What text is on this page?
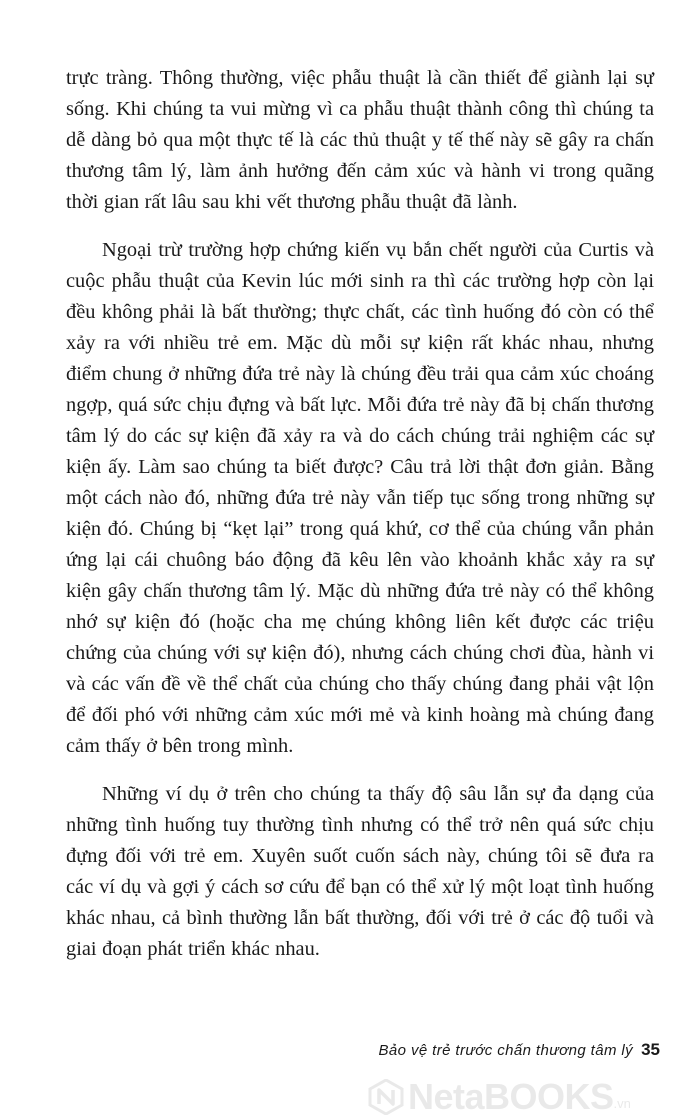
trực tràng. Thông thường, việc phẫu thuật là cần thiết để giành lại sự sống. Khi chúng ta vui mừng vì ca phẫu thuật thành công thì chúng ta dễ dàng bỏ qua một thực tế là các thủ thuật y tế thế này sẽ gây ra chấn thương tâm lý, làm ảnh hưởng đến cảm xúc và hành vi trong quãng thời gian rất lâu sau khi vết thương phẫu thuật đã lành.

Ngoại trừ trường hợp chứng kiến vụ bắn chết người của Curtis và cuộc phẫu thuật của Kevin lúc mới sinh ra thì các trường hợp còn lại đều không phải là bất thường; thực chất, các tình huống đó còn có thể xảy ra với nhiều trẻ em. Mặc dù mỗi sự kiện rất khác nhau, nhưng điểm chung ở những đứa trẻ này là chúng đều trải qua cảm xúc choáng ngợp, quá sức chịu đựng và bất lực. Mỗi đứa trẻ này đã bị chấn thương tâm lý do các sự kiện đã xảy ra và do cách chúng trải nghiệm các sự kiện ấy. Làm sao chúng ta biết được? Câu trả lời thật đơn giản. Bằng một cách nào đó, những đứa trẻ này vẫn tiếp tục sống trong những sự kiện đó. Chúng bị “kẹt lại” trong quá khứ, cơ thể của chúng vẫn phản ứng lại cái chuông báo động đã kêu lên vào khoảnh khắc xảy ra sự kiện gây chấn thương tâm lý. Mặc dù những đứa trẻ này có thể không nhớ sự kiện đó (hoặc cha mẹ chúng không liên kết được các triệu chứng của chúng với sự kiện đó), nhưng cách chúng chơi đùa, hành vi và các vấn đề về thể chất của chúng cho thấy chúng đang phải vật lộn để đối phó với những cảm xúc mới mẻ và kinh hoàng mà chúng đang cảm thấy ở bên trong mình.

Những ví dụ ở trên cho chúng ta thấy độ sâu lẫn sự đa dạng của những tình huống tuy thường tình nhưng có thể trở nên quá sức chịu đựng đối với trẻ em. Xuyên suốt cuốn sách này, chúng tôi sẽ đưa ra các ví dụ và gợi ý cách sơ cứu để bạn có thể xử lý một loạt tình huống khác nhau, cả bình thường lẫn bất thường, đối với trẻ ở các độ tuổi và giai đoạn phát triển khác nhau.

Bảo vệ trẻ trước chấn thương tâm lý 35
NetaBOOKS .vn
